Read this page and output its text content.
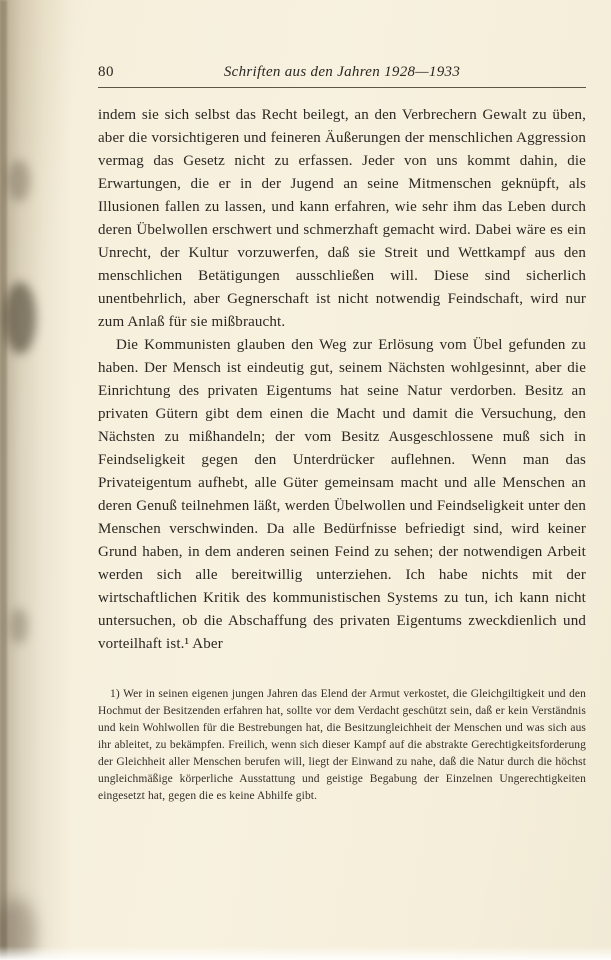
80	Schriften aus den Jahren 1928—1933

indem sie sich selbst das Recht beilegt, an den Verbrechern Gewalt zu üben, aber die vorsichtigeren und feineren Äußerungen der menschlichen Aggression vermag das Gesetz nicht zu erfassen. Jeder von uns kommt dahin, die Erwartungen, die er in der Jugend an seine Mitmenschen geknüpft, als Illusionen fallen zu lassen, und kann erfahren, wie sehr ihm das Leben durch deren Übelwollen erschwert und schmerzhaft gemacht wird. Dabei wäre es ein Unrecht, der Kultur vorzuwerfen, daß sie Streit und Wettkampf aus den menschlichen Betätigungen ausschließen will. Diese sind sicherlich unentbehrlich, aber Gegnerschaft ist nicht notwendig Feindschaft, wird nur zum Anlaß für sie mißbraucht.

Die Kommunisten glauben den Weg zur Erlösung vom Übel gefunden zu haben. Der Mensch ist eindeutig gut, seinem Nächsten wohlgesinnt, aber die Einrichtung des privaten Eigentums hat seine Natur verdorben. Besitz an privaten Gütern gibt dem einen die Macht und damit die Versuchung, den Nächsten zu mißhandeln; der vom Besitz Ausgeschlossene muß sich in Feindseligkeit gegen den Unterdrücker auflehnen. Wenn man das Privateigentum aufhebt, alle Güter gemeinsam macht und alle Menschen an deren Genuß teilnehmen läßt, werden Übelwollen und Feindseligkeit unter den Menschen verschwinden. Da alle Bedürfnisse befriedigt sind, wird keiner Grund haben, in dem anderen seinen Feind zu sehen; der notwendigen Arbeit werden sich alle bereitwillig unterziehen. Ich habe nichts mit der wirtschaftlichen Kritik des kommunistischen Systems zu tun, ich kann nicht untersuchen, ob die Abschaffung des privaten Eigentums zweckdienlich und vorteilhaft ist.¹ Aber

1) Wer in seinen eigenen jungen Jahren das Elend der Armut verkostet, die Gleichgiltigkeit und den Hochmut der Besitzenden erfahren hat, sollte vor dem Verdacht geschützt sein, daß er kein Verständnis und kein Wohlwollen für die Bestrebungen hat, die Besitzungleichheit der Menschen und was sich aus ihr ableitet, zu bekämpfen. Freilich, wenn sich dieser Kampf auf die abstrakte Gerechtigkeitsforderung der Gleichheit aller Menschen berufen will, liegt der Einwand zu nahe, daß die Natur durch die höchst ungleichmäßige körperliche Ausstattung und geistige Begabung der Einzelnen Ungerechtigkeiten eingesetzt hat, gegen die es keine Abhilfe gibt.
